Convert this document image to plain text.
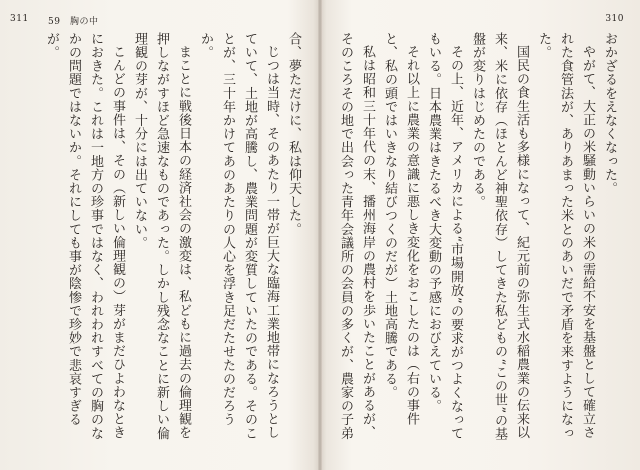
311 59　胸の中

合、夢ただけに、私は仰天した。

じつは当時、そのあたり一帯が巨大な臨海工業地帯になろうとしていて、土地が高騰し、農業問題が変質していたのである。そのことが、三十年かけてあのあたりの人心を浮き足だたせたのだろうか。

まことに戦後日本の経済社会の激変は、私どもに過去の倫理観を押しながすほど急速なものであった。しかし残念なことに新しい倫理観の芽が、十分には出ていない。

こんどの事件は、その（新しい倫理観の）芽がまだひよわなときにおきた。これは一地方の珍事ではなく、われわれすべての胸のなかの問題ではないか。それにしても事が陰惨で珍妙で悲哀すぎるが。

310

おかざるをえなくなった。

やがて、大正の米騒動いらいの米の需給不安を基盤として確立された食管法が、ありあまった米とのあいだで矛盾を来すようになった。

国民の食生活も多様になって、紀元前の弥生式水稲農業の伝来以来、米に依存（ほとんど神聖依存）してきた私どもの“この世”の基盤が変りはじめたのである。

その上、近年、アメリカによる“市場開放”の要求がつよくなってもいる。日本農業はきたるべき大変動の予感におびえている。

それ以上に農業の意識に悪しき変化をおこしたのは（右の事件と、私の頭ではいきなり結びつくのだが）土地高騰である。

私は昭和三十年代の末、播州海岸の農村を歩いたことがあるが、そのころその地で出会った青年会議所の会員の多くが、農家の子弟
